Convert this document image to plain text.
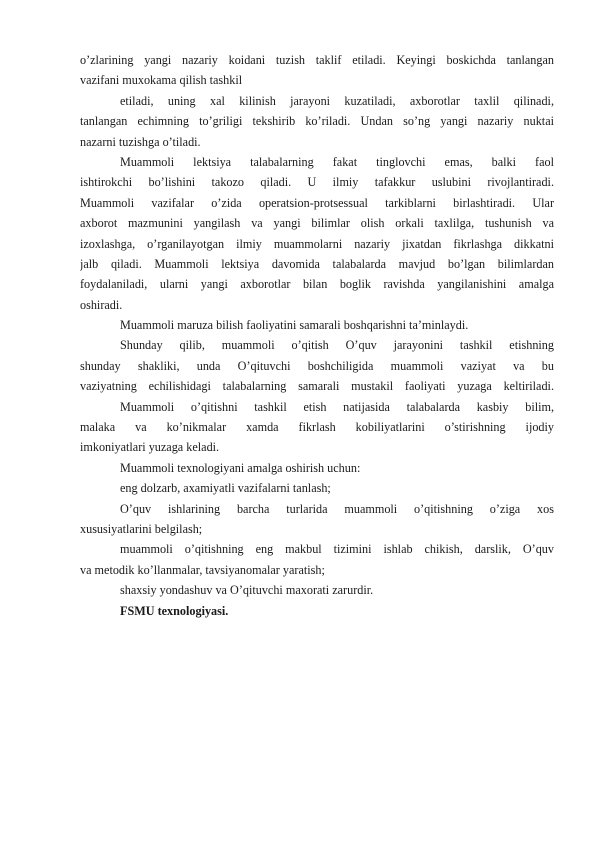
o’zlarining yangi nazariy koidani tuzish taklif etiladi. Keyingi boskichda tanlangan
vazifani muxokama qilish tashkil
etiladi, uning xal kilinish jarayoni kuzatiladi, axborotlar taxlil qilinadi,
tanlangan echimning to’griligi tekshirib ko’riladi. Undan so’ng yangi nazariy nuktai
nazarni tuzishga o’tiladi.
Muammoli lektsiya talabalarning fakat tinglovchi emas, balki faol
ishtirokchi bo’lishini takozo qiladi. U ilmiy tafakkur uslubini rivojlantiradi.
Muammoli vazifalar o’zida operatsion-protsessual tarkiblarni birlashtiradi. Ular
axborot mazmunini yangilash va yangi bilimlar olish orkali taxlilga, tushunish va
izoxlashga, o’rganilayotgan ilmiy muammolarni nazariy jixatdan fikrlashga dikkatni
jalb qiladi. Muammoli lektsiya davomida talabalarda mavjud bo’lgan bilimlardan
foydalaniladi, ularni yangi axborotlar bilan boglik ravishda yangilanishini amalga
oshiradi.
Muammoli maruza bilish faoliyatini samarali boshqarishni ta’minlaydi.
Shunday qilib, muammoli o’qitish O’quv jarayonini tashkil etishning
shunday shakliki, unda O’qituvchi boshchiligida muammoli vaziyat va bu
vaziyatning echilishidagi talabalarning samarali mustakil faoliyati yuzaga keltiriladi.
Muammoli o’qitishni tashkil etish natijasida talabalarda kasbiy bilim,
malaka va ko’nikmalar xamda fikrlash kobiliyatlarini o’stirishning ijodiy
imkoniyatlari yuzaga keladi.
Muammoli texnologiyani amalga oshirish uchun:
eng dolzarb, axamiyatli vazifalarni tanlash;
O’quv ishlarining barcha turlarida muammoli o’qitishning o’ziga xos
xususiyatlarini belgilash;
muammoli o’qitishning eng makbul tizimini ishlab chikish, darslik, O’quv
va metodik ko’llanmalar, tavsiyanomalar yaratish;
shaxsiy yondashuv va O’qituvchi maxorati zarurdir.
FSMU texnologiyasi.
